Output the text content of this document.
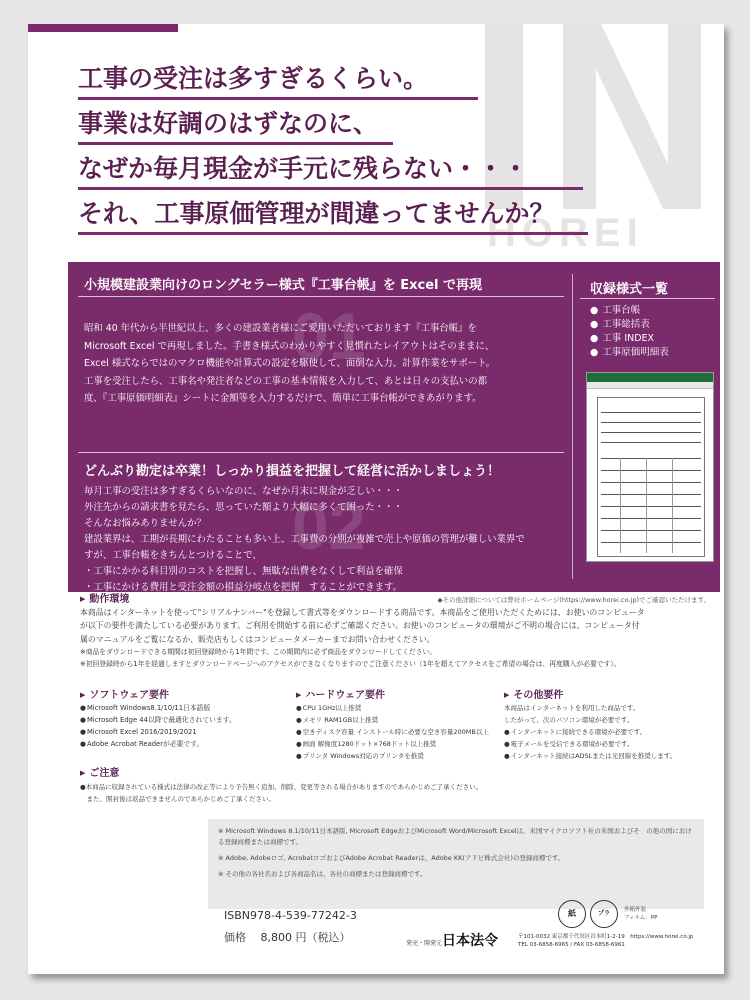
HOREI
工事の受注は多すぎるくらい。
事業は好調のはずなのに、
なぜか毎月現金が手元に残らない・・・
それ、工事原価管理が間違ってませんか？
01
小規模建設業向けのロングセラー様式『工事台帳』を Excel で再現

昭和 40 年代から半世紀以上、多くの建設業者様にご愛用いただいております『工事台帳』を

Microsoft Excel で再現しました。手書き様式のわかりやすく見慣れたレイアウトはそのままに、

Excel 様式ならではのマクロ機能や計算式の設定を駆使して、面倒な入力、計算作業をサポート。

工事を受注したら、工事名や発注者などの工事の基本情報を入力して、あとは日々の支払いの都

度、『工事原価明細表』シートに金額等を入力するだけで、簡単に工事台帳ができあがります。

02
どんぶり勘定は卒業！しっかり損益を把握して経営に活かしましょう！

毎月工事の受注は多すぎるくらいなのに、なぜか月末に現金が乏しい・・・

外注先からの請求書を見たら、思っていた額より大幅に多くて困った・・・

そんなお悩みありませんか？

建設業界は、工期が長期にわたることも多い上、工事費の分別が複雑で売上や原価の管理が難しい業界で

すが、工事台帳をきちんとつけることで、

・工事にかかる科目別のコストを把握し、無駄な出費をなくして利益を確保

・工事にかける費用と受注金額の損益分岐点を把握　することができます。

収録様式一覧
● 工事台帳
● 工事総括表
● 工事 INDEX
● 工事原価明細表
工 事 台 帳
◆その他詳細については弊社ホームページ(https://www.horei.co.jp)でご確認いただけます。
▶ 動作環境

本商品はインターネットを使って"シリアルナンバー"を登録して書式等をダウンロードする商品です。本商品をご使用いただくためには、お使いのコンピュータ

が以下の要件を満たしている必要があります。ご利用を開始する前に必ずご確認ください。お使いのコンピュータの環境がご不明の場合には、コンピュータ付

属のマニュアルをご覧になるか、販売店もしくはコンピュータメーカーまでお問い合わせください。

※商品をダウンロードできる期間は初回登録時から1年間です。この期間内に必ず商品をダウンロードしてください。

※初回登録時から1年を経過しますとダウンロードページへのアクセスができなくなりますのでご注意ください（1年を超えてアクセスをご希望の場合は、再度購入が必要です）。

▶ ソフトウェア要件
● Microsoft Windows8.1/10/11日本語版
● Microsoft Edge 44以降で最適化されています。
● Microsoft Excel 2016/2019/2021
● Adobe Acrobat Readerが必要です。
▶ ハードウェア要件
● CPU 1GHz以上推奨
● メモリ RAM1GB以上推奨
● 空きディスク容量 インストール時に必要な空き容量200MB以上
● 画面 解像度1280ドット×768ドット以上推奨
● プリンタ Windows対応のプリンタを推奨
▶ その他要件

本商品はインターネットを利用した商品です。

したがって、次のパソコン環境が必要です。

● インターネットに接続できる環境が必要です。
● 電子メールを受信できる環境が必要です。
● インターネット接続はADSLまたは光回線を推奨します。
▶ ご注意

●本商品に収録されている様式は法律の改正等により予告無く追加、削除、変更等される場合がありますのであらかじめご了承ください。

　また、開封後は返品できませんのであらかじめご了承ください。

※ Microsoft Windows 8.1/10/11日本語版, Microsoft EdgeおよびMicrosoft Word/Microsoft Excelは、米国マイクロソフト社の米国およびそ　の他の国における登録商標または商標です。

※ Adobe, Adobeロゴ, AcrobatロゴおよびAdobe Acrobat Readerは、Adobe KK(アドビ株式会社)の登録商標です。

※ その他の各社名および各商品名は、各社の商標または登録商標です。

ISBN978-4-539-77242-3
価格　 8,800 円（税込）
紙	プラ	外箱外装
フィルム：PP
発売・開発元 日本法令	〒101-0032 東京都千代田区岩本町1-2-19　https://www.horei.co.jp
TEL 03-6858-6965 / FAX 03-6858-6961
